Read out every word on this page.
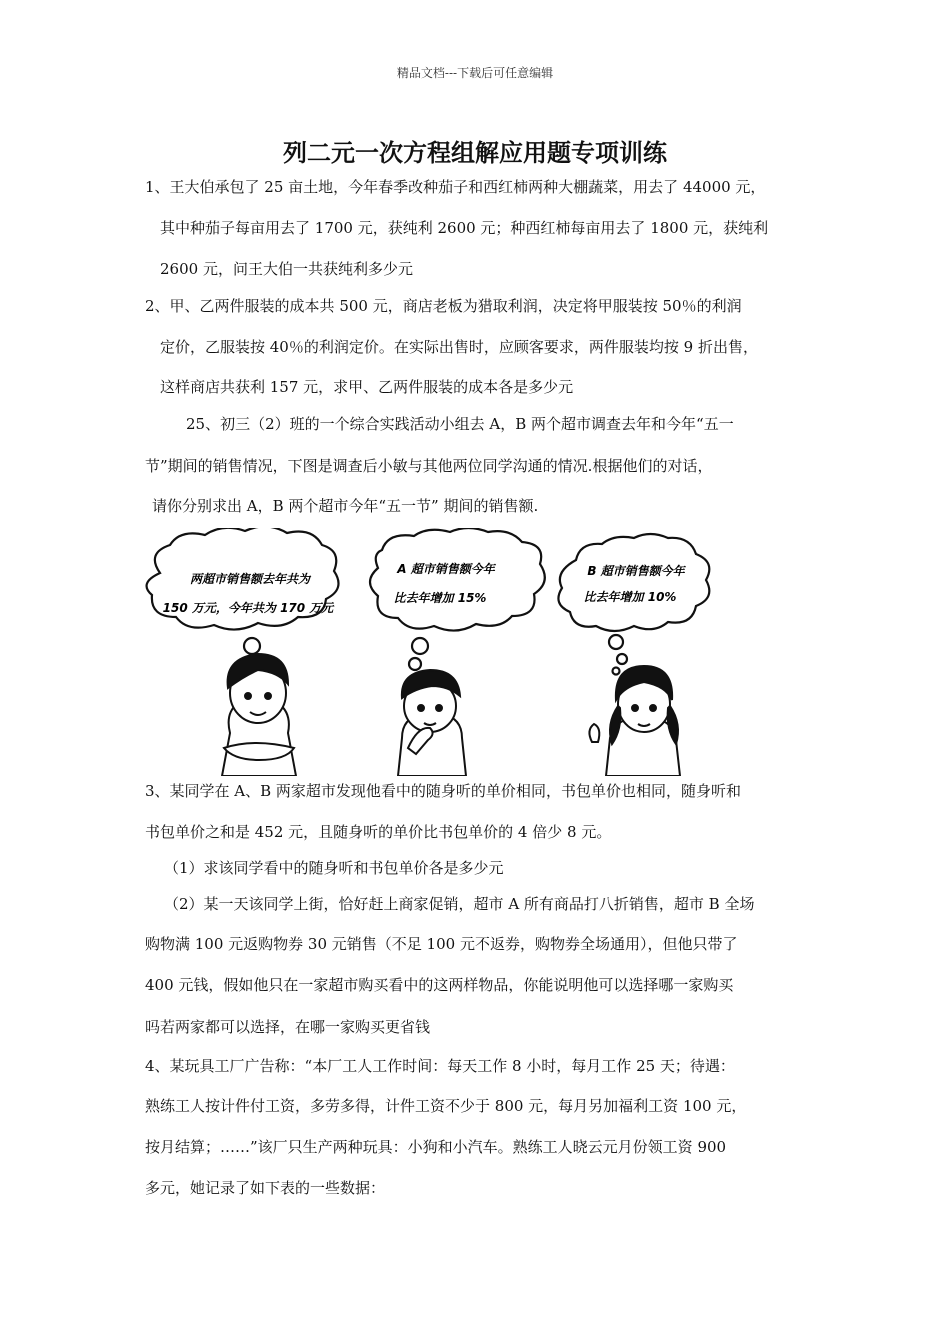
精品文档---下载后可任意编辑
列二元一次方程组解应用题专项训练
1、王大伯承包了 25 亩土地，今年春季改种茄子和西红柿两种大棚蔬菜，用去了 44000 元，
其中种茄子每亩用去了 1700 元，获纯利 2600 元；种西红柿每亩用去了 1800 元，获纯利
2600 元，问王大伯一共获纯利多少元
2、甲、乙两件服装的成本共 500 元，商店老板为猎取利润，决定将甲服装按 50％的利润
定价，乙服装按 40％的利润定价。在实际出售时，应顾客要求，两件服装均按 9 折出售，
这样商店共获利 157 元，求甲、乙两件服装的成本各是多少元
25、初三（2）班的一个综合实践活动小组去 A，B 两个超市调查去年和今年“五一
节”期间的销售情况，下图是调查后小敏与其他两位同学沟通的情况.根据他们的对话，
请你分别求出 A，B 两个超市今年“五一节” 期间的销售额.
两超市销售额去年共为
150 万元，今年共为 170 万元
A 超市销售额今年
比去年增加 15%
B 超市销售额今年
比去年增加 10%
3、某同学在 A、B 两家超市发现他看中的随身听的单价相同，书包单价也相同，随身听和
书包单价之和是 452 元，且随身听的单价比书包单价的 4 倍少 8 元。
（1）求该同学看中的随身听和书包单价各是多少元
（2）某一天该同学上街，恰好赶上商家促销，超市 A 所有商品打八折销售，超市 B 全场
购物满 100 元返购物券 30 元销售（不足 100 元不返券，购物券全场通用），但他只带了
400 元钱，假如他只在一家超市购买看中的这两样物品，你能说明他可以选择哪一家购买
吗若两家都可以选择，在哪一家购买更省钱
4、某玩具工厂广告称：“本厂工人工作时间：每天工作 8 小时，每月工作 25 天；待遇：
熟练工人按计件付工资，多劳多得，计件工资不少于 800 元，每月另加福利工资 100 元，
按月结算；……”该厂只生产两种玩具：小狗和小汽车。熟练工人晓云元月份领工资 900
多元，她记录了如下表的一些数据：
